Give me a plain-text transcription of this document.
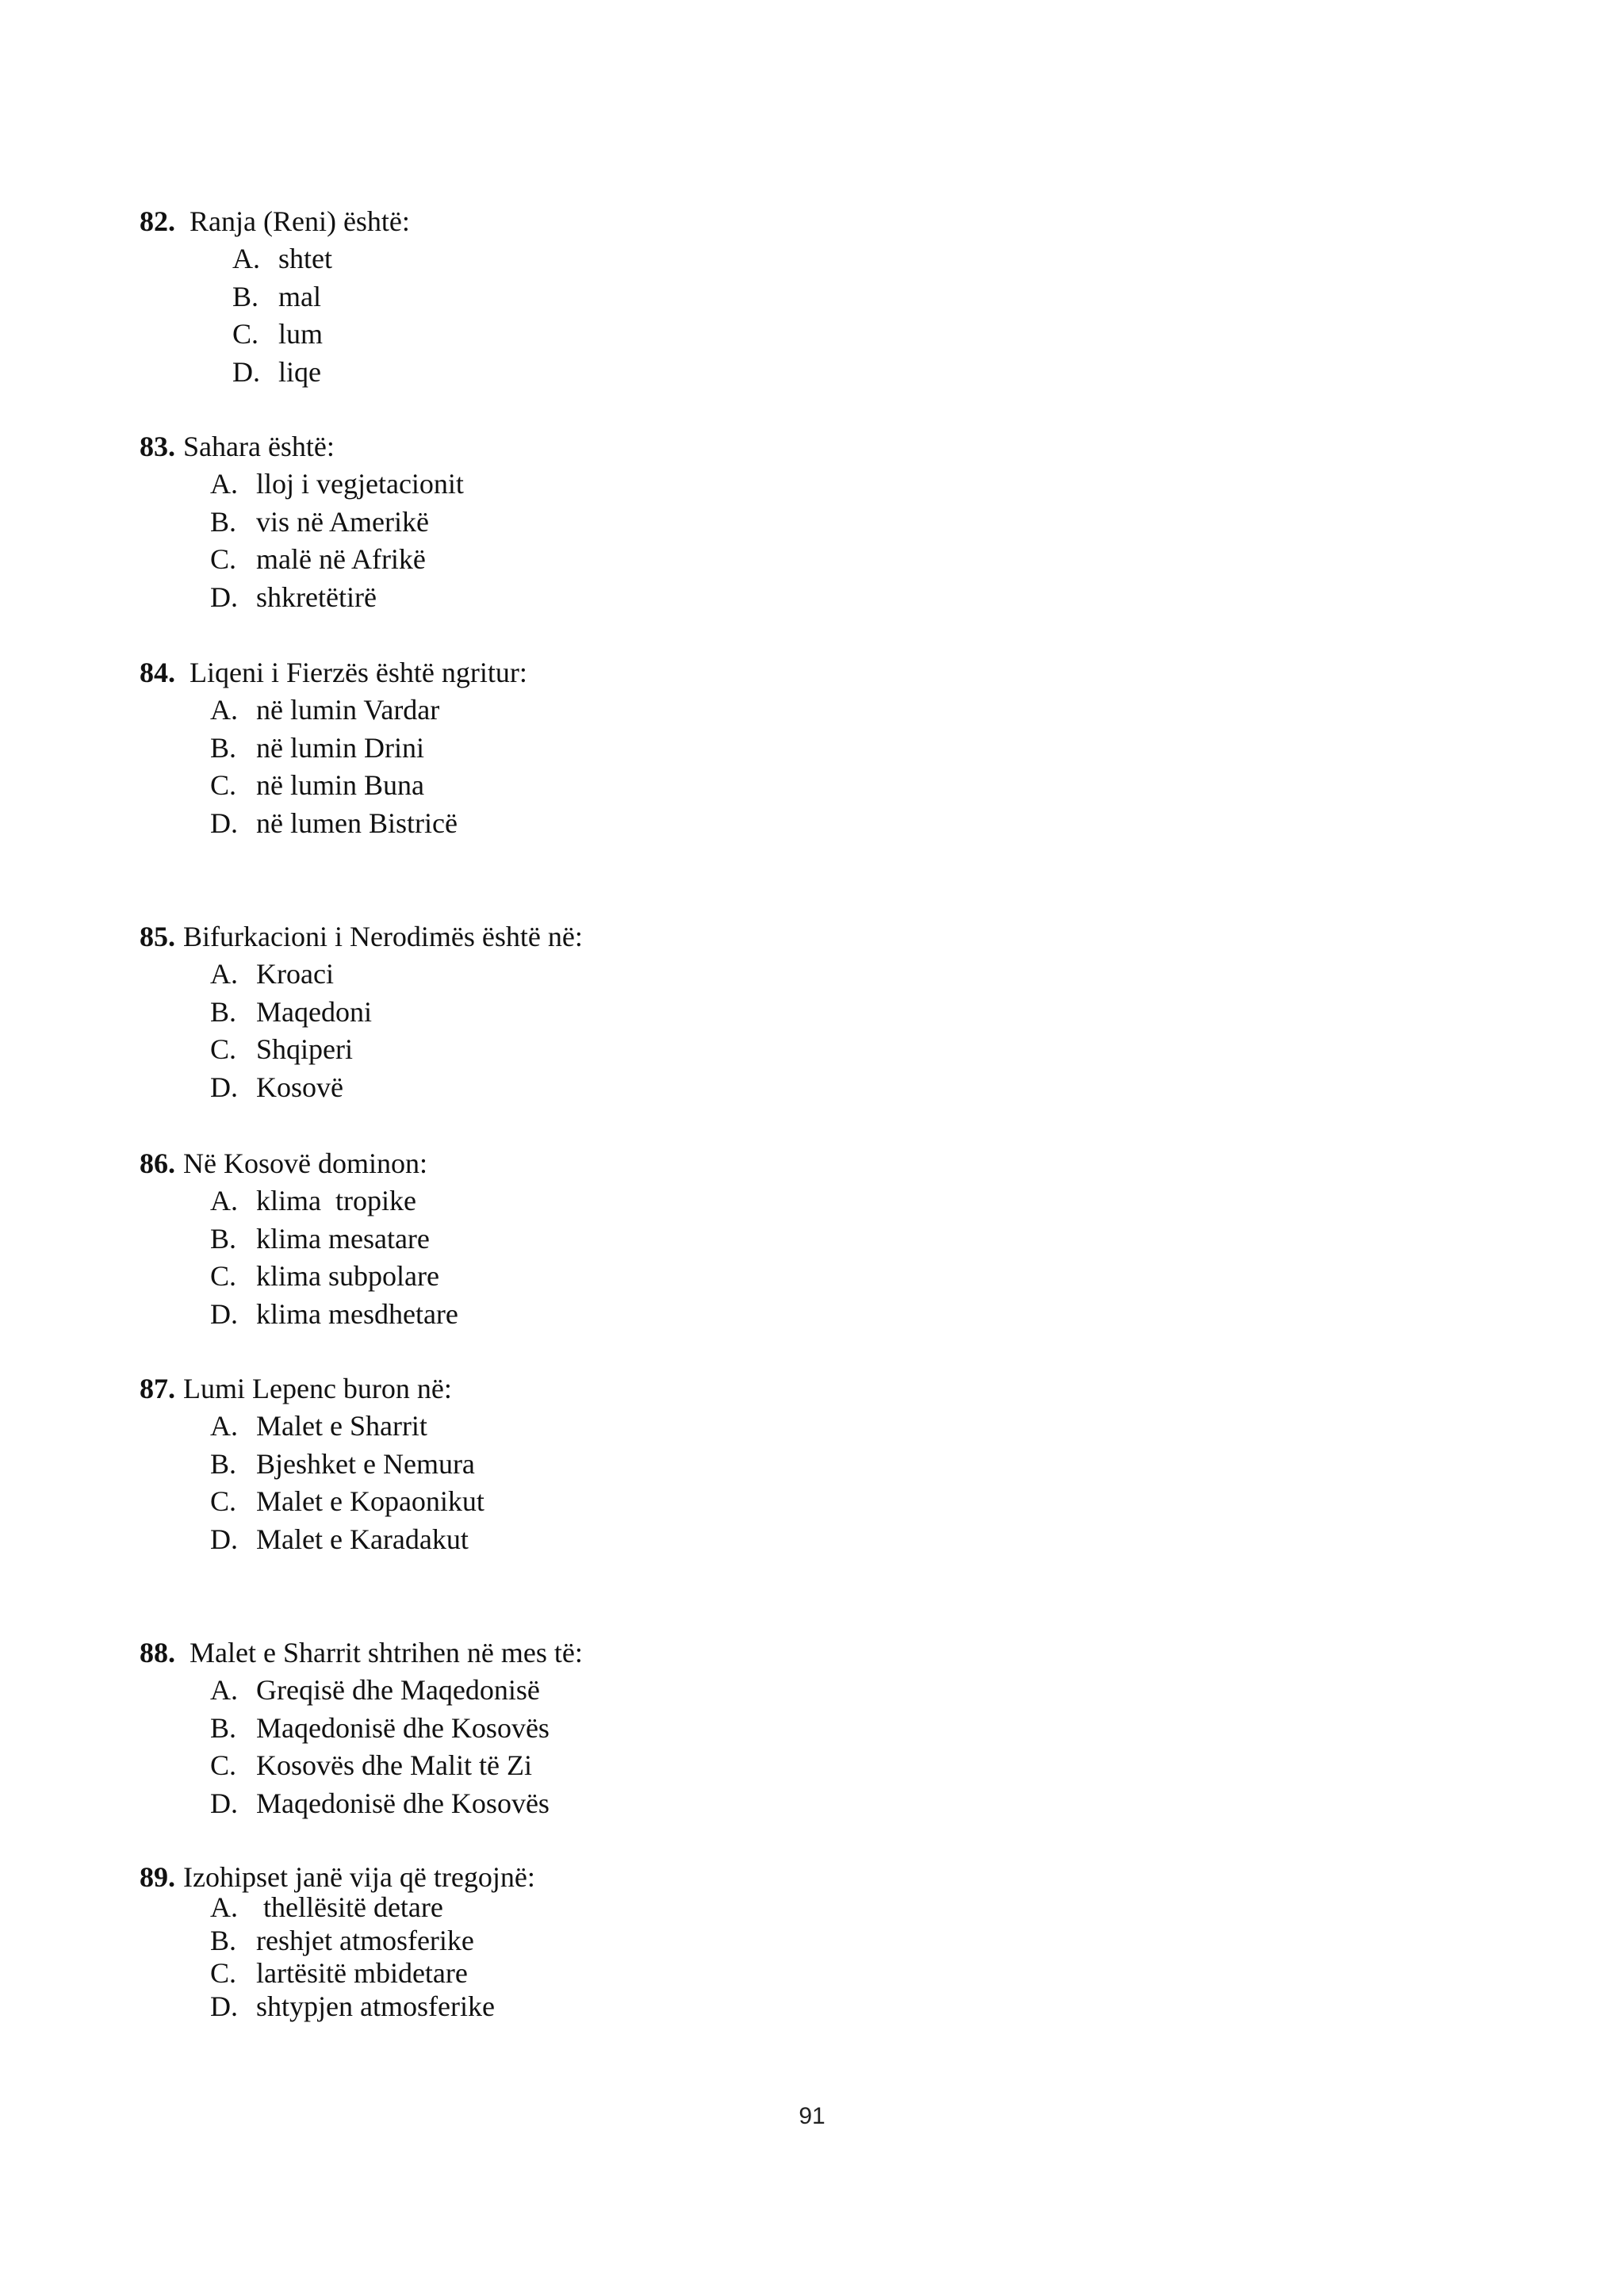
82. Ranja (Reni) është:
A. shtet
B. mal
C. lum
D. liqe
83. Sahara është:
A. lloj i vegjetacionit
B. vis në Amerikë
C. malë në Afrikë
D. shkretëtirë
84. Liqeni i Fierzës është ngritur:
A. në lumin Vardar
B. në lumin Drini
C. në lumin Buna
D. në lumen Bistricë
85. Bifurkacioni i Nerodimës është në:
A. Kroaci
B. Maqedoni
C. Shqiperi
D. Kosovë
86. Në Kosovë dominon:
A. klima  tropike
B. klima mesatare
C. klima subpolare
D. klima mesdhetare
87. Lumi Lepenc buron në:
A. Malet e Sharrit
B. Bjeshket e Nemura
C. Malet e Kopaonikut
D. Malet e Karadakut
88. Malet e Sharrit shtrihen në mes të:
A. Greqisë dhe Maqedonisë
B. Maqedonisë dhe Kosovës
C. Kosovës dhe Malit të Zi
D. Maqedonisë dhe Kosovës
89. Izohipset janë vija që tregojnë:
A. thellësitë detare
B. reshjet atmosferike
C. lartësitë mbidetare
D. shtypjen atmosferike
91
